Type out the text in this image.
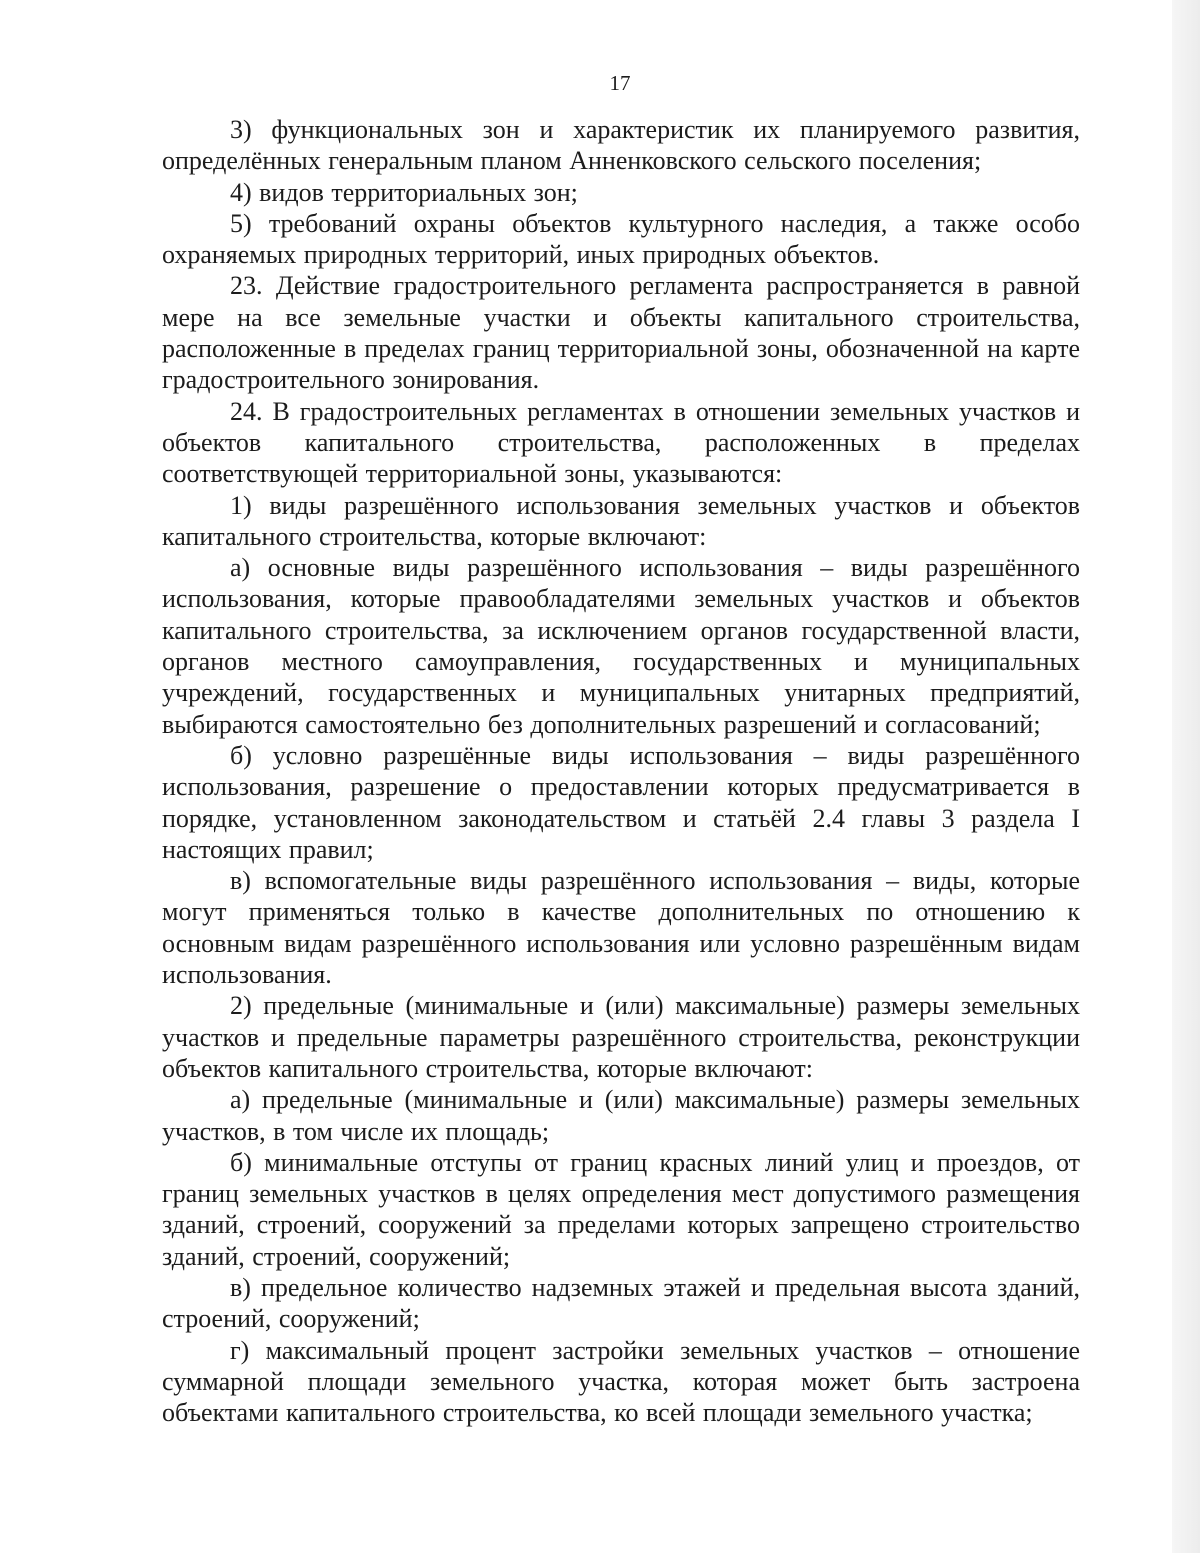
17

3) функциональных зон и характеристик их планируемого развития, определённых генеральным планом Анненковского сельского поселения;

4) видов территориальных зон;

5) требований охраны объектов культурного наследия, а также особо охраняемых природных территорий, иных природных объектов.

23. Действие градостроительного регламента распространяется в равной мере на все земельные участки и объекты капитального строительства, расположенные в пределах границ территориальной зоны, обозначенной на карте градостроительного зонирования.

24. В градостроительных регламентах в отношении земельных участков и объектов капитального строительства, расположенных в пределах соответствующей территориальной зоны, указываются:

1) виды разрешённого использования земельных участков и объектов капитального строительства, которые включают:

а) основные виды разрешённого использования – виды разрешённого использования, которые правообладателями земельных участков и объектов капитального строительства, за исключением органов государственной власти, органов местного самоуправления, государственных и муниципальных учреждений, государственных и муниципальных унитарных предприятий, выбираются самостоятельно без дополнительных разрешений и согласований;

б) условно разрешённые виды использования – виды разрешённого использования, разрешение о предоставлении которых предусматривается в порядке, установленном законодательством и статьёй 2.4 главы 3 раздела I настоящих правил;

в) вспомогательные виды разрешённого использования – виды, которые могут применяться только в качестве дополнительных по отношению к основным видам разрешённого использования или условно разрешённым видам использования.

2) предельные (минимальные и (или) максимальные) размеры земельных участков и предельные параметры разрешённого строительства, реконструкции объектов капитального строительства, которые включают:

а) предельные (минимальные и (или) максимальные) размеры земельных участков, в том числе их площадь;

б) минимальные отступы от границ красных линий улиц и проездов, от границ земельных участков в целях определения мест допустимого размещения зданий, строений, сооружений за пределами которых запрещено строительство зданий, строений, сооружений;

в) предельное количество надземных этажей и предельная высота зданий, строений, сооружений;

г) максимальный процент застройки земельных участков – отношение суммарной площади земельного участка, которая может быть застроена объектами капитального строительства, ко всей площади земельного участка;
